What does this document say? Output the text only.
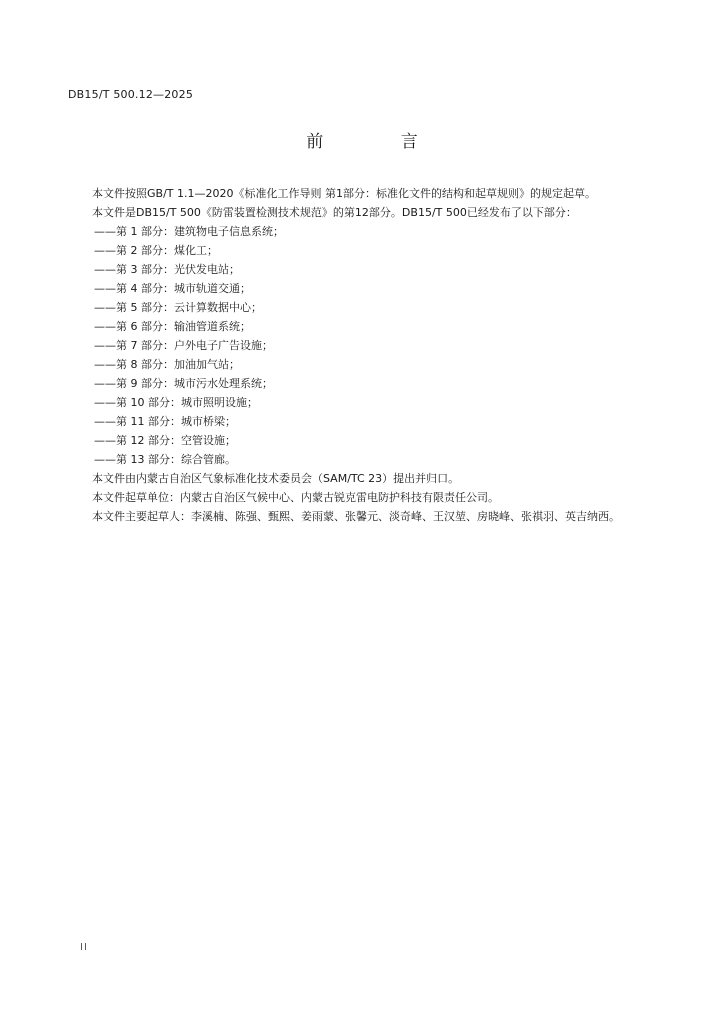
DB15/T 500.12—2025
前 言

本文件按照GB/T 1.1—2020《标准化工作导则 第1部分：标准化文件的结构和起草规则》的规定起草。

本文件是DB15/T 500《防雷装置检测技术规范》的第12部分。DB15/T 500已经发布了以下部分：

——第 1 部分：建筑物电子信息系统；
——第 2 部分：煤化工；
——第 3 部分：光伏发电站；
——第 4 部分：城市轨道交通；
——第 5 部分：云计算数据中心；
——第 6 部分：输油管道系统；
——第 7 部分：户外电子广告设施；
——第 8 部分：加油加气站；
——第 9 部分：城市污水处理系统；
——第 10 部分：城市照明设施；
——第 11 部分：城市桥梁；
——第 12 部分：空管设施；
——第 13 部分：综合管廊。

本文件由内蒙古自治区气象标准化技术委员会（SAM/TC 23）提出并归口。

本文件起草单位：内蒙古自治区气候中心、内蒙古锐克雷电防护科技有限责任公司。

本文件主要起草人：李溪楠、陈强、甄熙、姜雨蒙、张馨元、淡奇峰、王汉堃、房晓峰、张祺羽、英吉纳西。

II
